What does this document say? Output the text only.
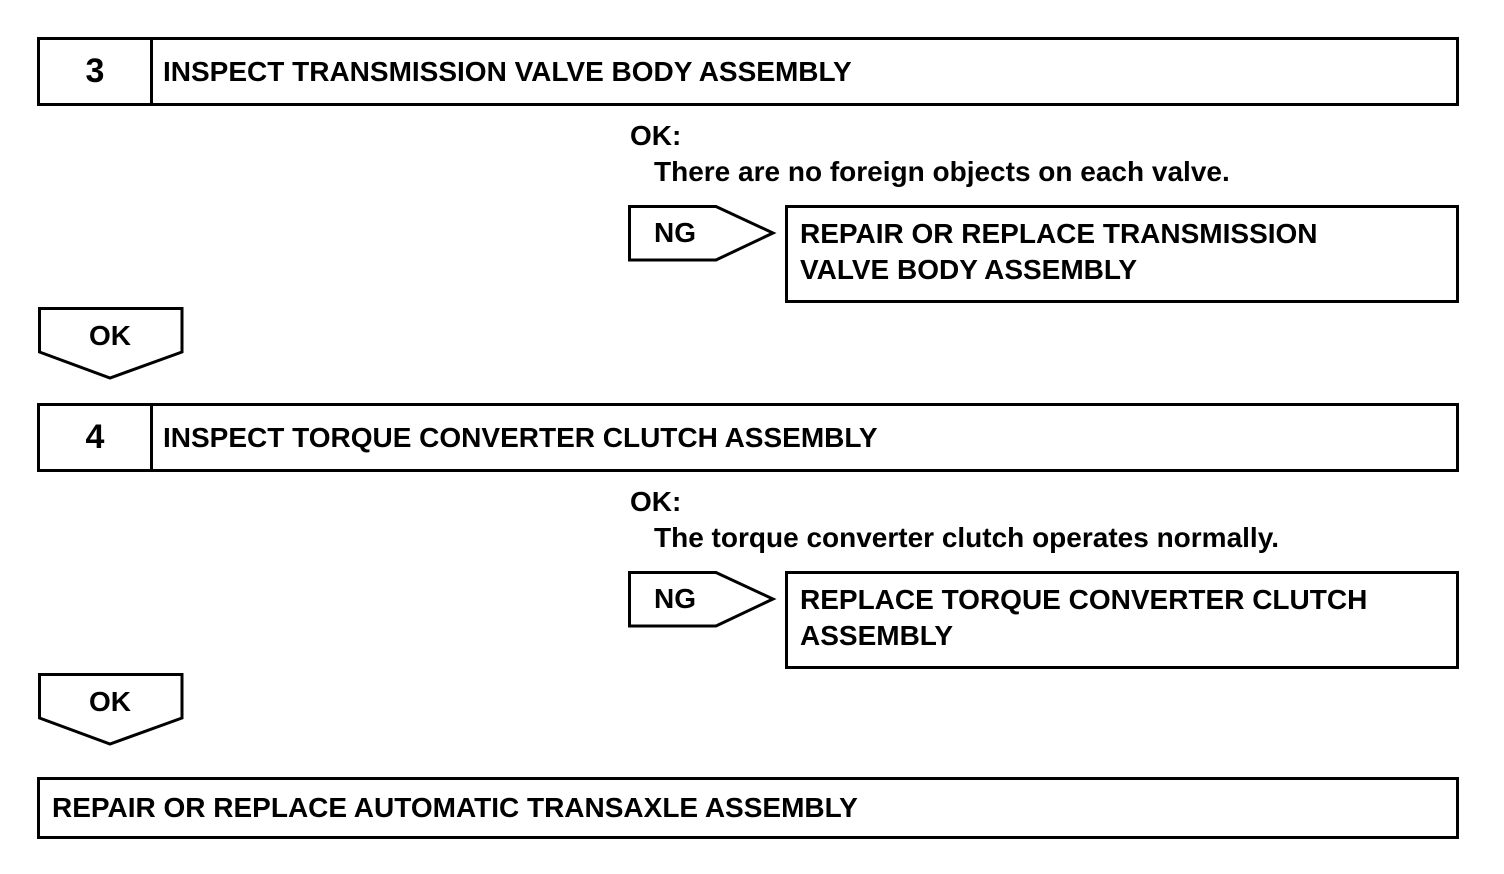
3	INSPECT TRANSMISSION VALVE BODY ASSEMBLY
OK:
There are no foreign objects on each valve.
NG	REPAIR OR REPLACE TRANSMISSION
VALVE BODY ASSEMBLY
OK
4	INSPECT TORQUE CONVERTER CLUTCH ASSEMBLY
OK:
The torque converter clutch operates normally.
NG	REPLACE TORQUE CONVERTER CLUTCH
ASSEMBLY
OK
REPAIR OR REPLACE AUTOMATIC TRANSAXLE ASSEMBLY
